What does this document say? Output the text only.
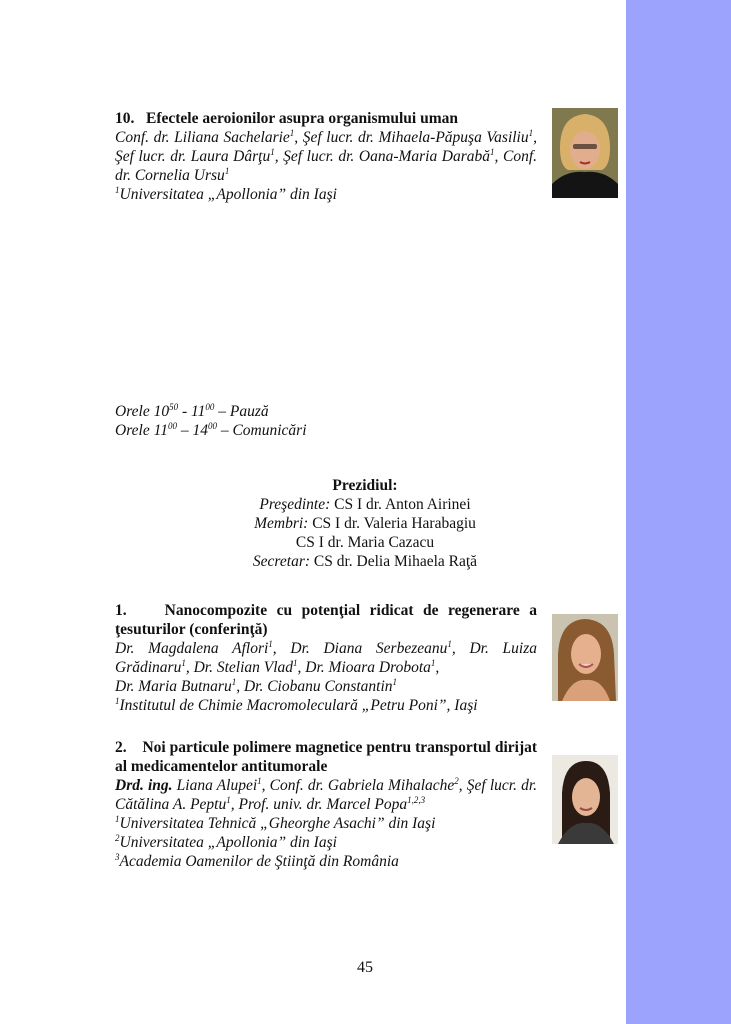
10. Efectele aeroionilor asupra organismului uman
Conf. dr. Liliana Sachelarie$^1$, Şef lucr. dr. Mihaela-Păpuşa Vasiliu$^1$, Şef lucr. dr. Laura Dârţu$^1$, Şef lucr. dr. Oana-Maria Darabă$^1$, Conf. dr. Cornelia Ursu$^1$
$^1$Universitatea „Apollonia” din Iaşi
Orele $10^{50} - 11^{00}$ – Pauză
Orele $11^{00} - 14^{00}$ – Comunicări
Prezidiul:
Preşedinte: CS I dr. Anton Airinei
Membri: CS I dr. Valeria Harabagiu
CS I dr. Maria Cazacu
Secretar: CS dr. Delia Mihaela Raţă
1. Nanocompozite cu potenţial ridicat de regenerare a ţesuturilor (conferinţă)
Dr. Magdalena Aflori$^1$, Dr. Diana Serbezeanu$^1$, Dr. Luiza Grădinaru$^1$, Dr. Stelian Vlad$^1$, Dr. Mioara Drobota$^1$,
Dr. Maria Butnaru$^1$, Dr. Ciobanu Constantin$^1$
$^1$Institutul de Chimie Macromoleculară „Petru Poni”, Iaşi
2. Noi particule polimere magnetice pentru transportul dirijat al medicamentelor antitumorale
Drd. ing. Liana Alupei$^1$, Conf. dr. Gabriela Mihalache$^2$, Şef lucr. dr. Cătălina A. Peptu$^1$, Prof. univ. dr. Marcel Popa$^{1,2,3}$
$^1$Universitatea Tehnică „Gheorghe Asachi” din Iaşi
$^2$Universitatea „Apollonia” din Iaşi
$^3$Academia Oamenilor de Ştiinţă din România
45
